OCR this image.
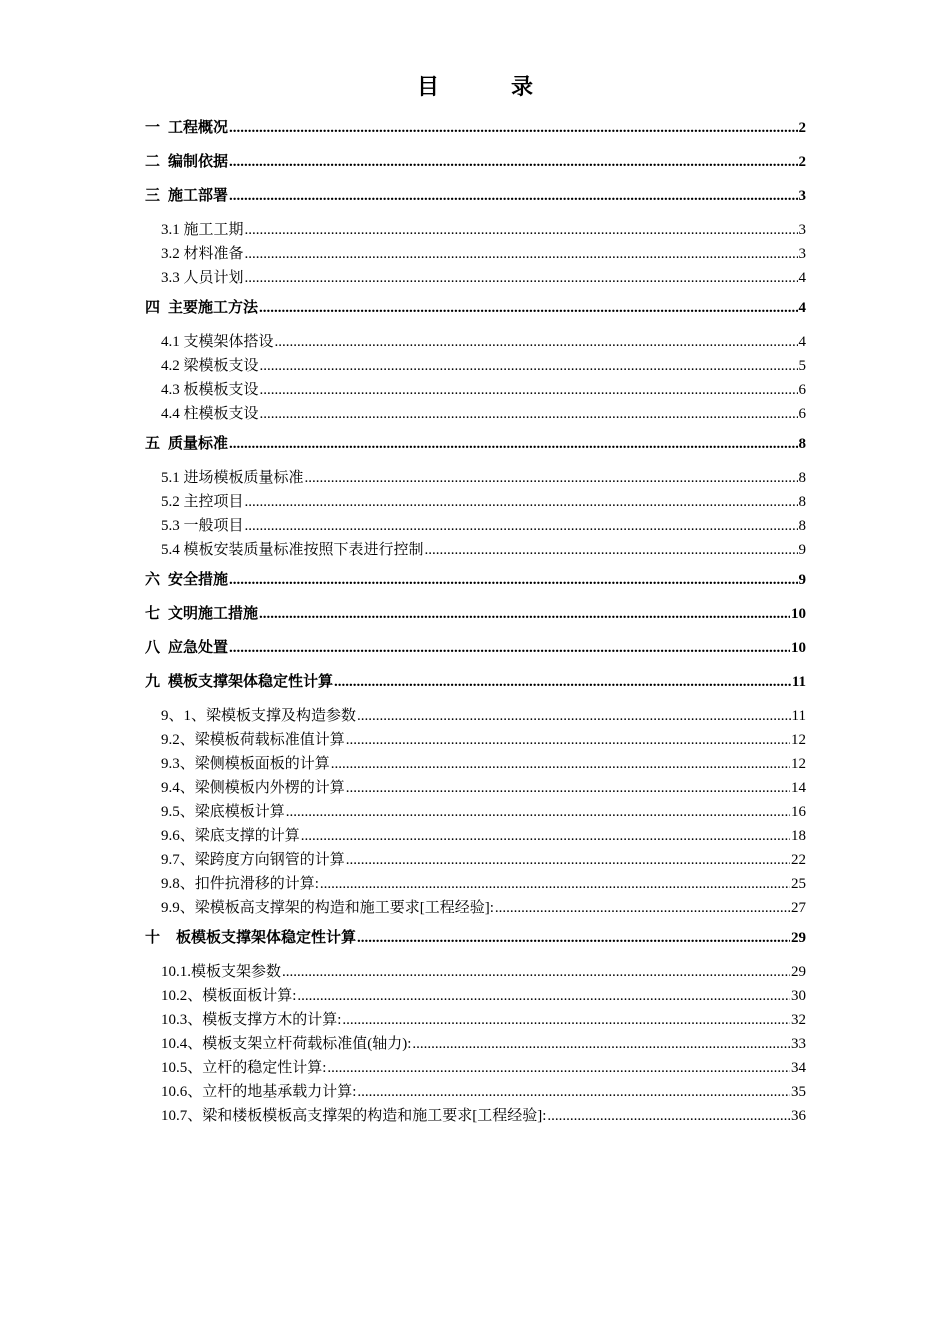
目	录
一 工程概况 .....	2
二 编制依据 .....	2
三 施工部署 .....	3
3.1 施工工期 .....	3
3.2 材料准备 .....	3
3.3 人员计划 .....	4
四 主要施工方法 .....	4
4.1 支模架体搭设 .....	4
4.2 梁模板支设 .....	5
4.3 板模板支设 .....	6
4.4 柱模板支设 .....	6
五 质量标准 .....	8
5.1 进场模板质量标准 .....	8
5.2 主控项目 .....	8
5.3 一般项目 .....	8
5.4 模板安装质量标准按照下表进行控制 .....	9
六 安全措施 .....	9
七 文明施工措施 .....	10
八 应急处置 .....	10
九 模板支撑架体稳定性计算 .....	11
9、1、梁模板支撑及构造参数 .....	11
9.2、梁模板荷载标准值计算 .....	12
9.3、梁侧模板面板的计算 .....	12
9.4、梁侧模板内外楞的计算 .....	14
9.5、梁底模板计算 .....	16
9.6、梁底支撑的计算 .....	18
9.7、梁跨度方向钢管的计算 .....	22
9.8、扣件抗滑移的计算: .....	25
9.9、梁模板高支撑架的构造和施工要求[工程经验]: .....	27
十 板模板支撑架体稳定性计算 .....	29
10.1.模板支架参数 .....	29
10.2、模板面板计算: .....	30
10.3、模板支撑方木的计算: .....	32
10.4、模板支架立杆荷载标准值(轴力): .....	33
10.5、立杆的稳定性计算: .....	34
10.6、立杆的地基承载力计算: .....	35
10.7、梁和楼板模板高支撑架的构造和施工要求[工程经验]: .....	36
